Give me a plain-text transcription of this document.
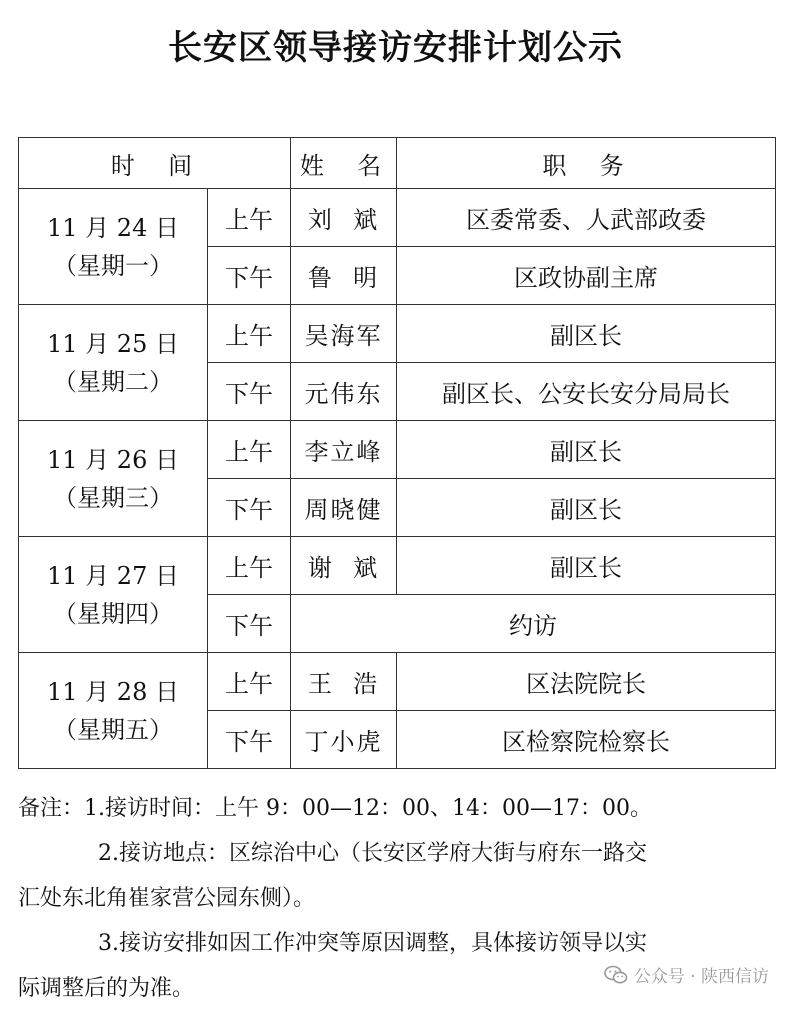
长安区领导接访安排计划公示
时  间		姓  名	职  务

11 月 24 日
（星期一）	上午	刘  斌	区委常委、人武部政委
	下午	鲁  明	区政协副主席

11 月 25 日
（星期二）	上午	吴海军	副区长
	下午	元伟东	副区长、公安长安分局局长

11 月 26 日
（星期三）	上午	李立峰	副区长
	下午	周晓健	副区长

11 月 27 日
（星期四）	上午	谢  斌	副区长
	下午	约访	

11 月 28 日
（星期五）	上午	王  浩	区法院院长
	下午	丁小虎	区检察院检察长

备注：1.接访时间：上午 9：00—12：00、14：00—17：00。

2.接访地点：区综治中心（长安区学府大街与府东一路交

汇处东北角崔家营公园东侧）。

3.接访安排如因工作冲突等原因调整，具体接访领导以实

际调整后的为准。	公众号 · 陕西信访
